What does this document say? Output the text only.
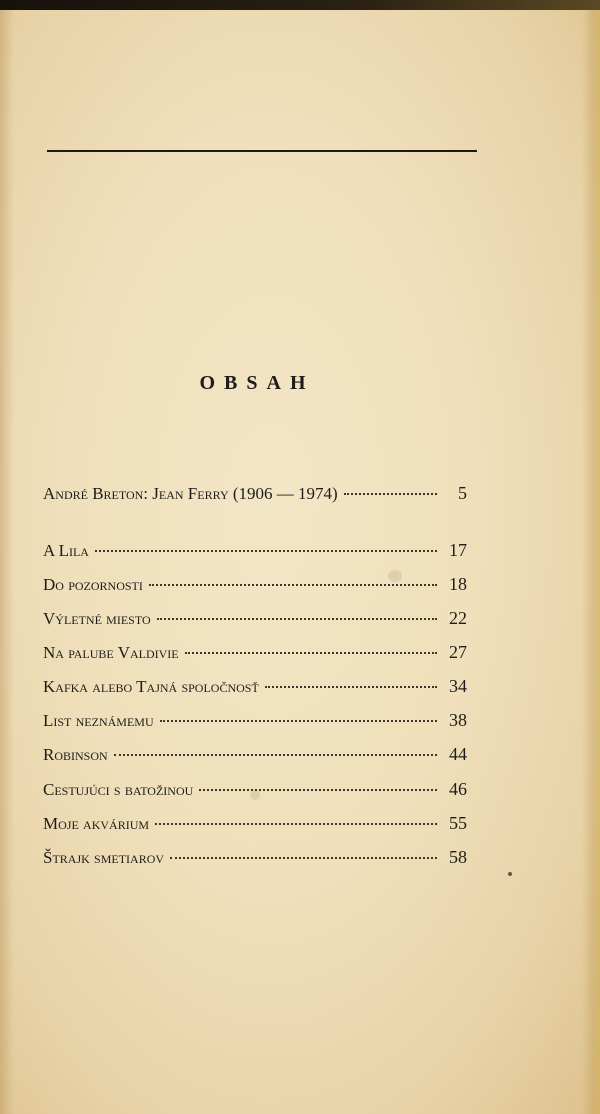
OBSAH
André Breton: Jean Ferry (1906 — 1974)	5
A Lila	17
Do pozornosti	18
Výletné miesto	22
Na palube Valdivie	27
Kafka alebo Tajná spoločnosť	34
List neznámemu	38
Robinson	44
Cestujúci s batožinou	46
Moje akvárium	55
Štrajk smetiarov	58
